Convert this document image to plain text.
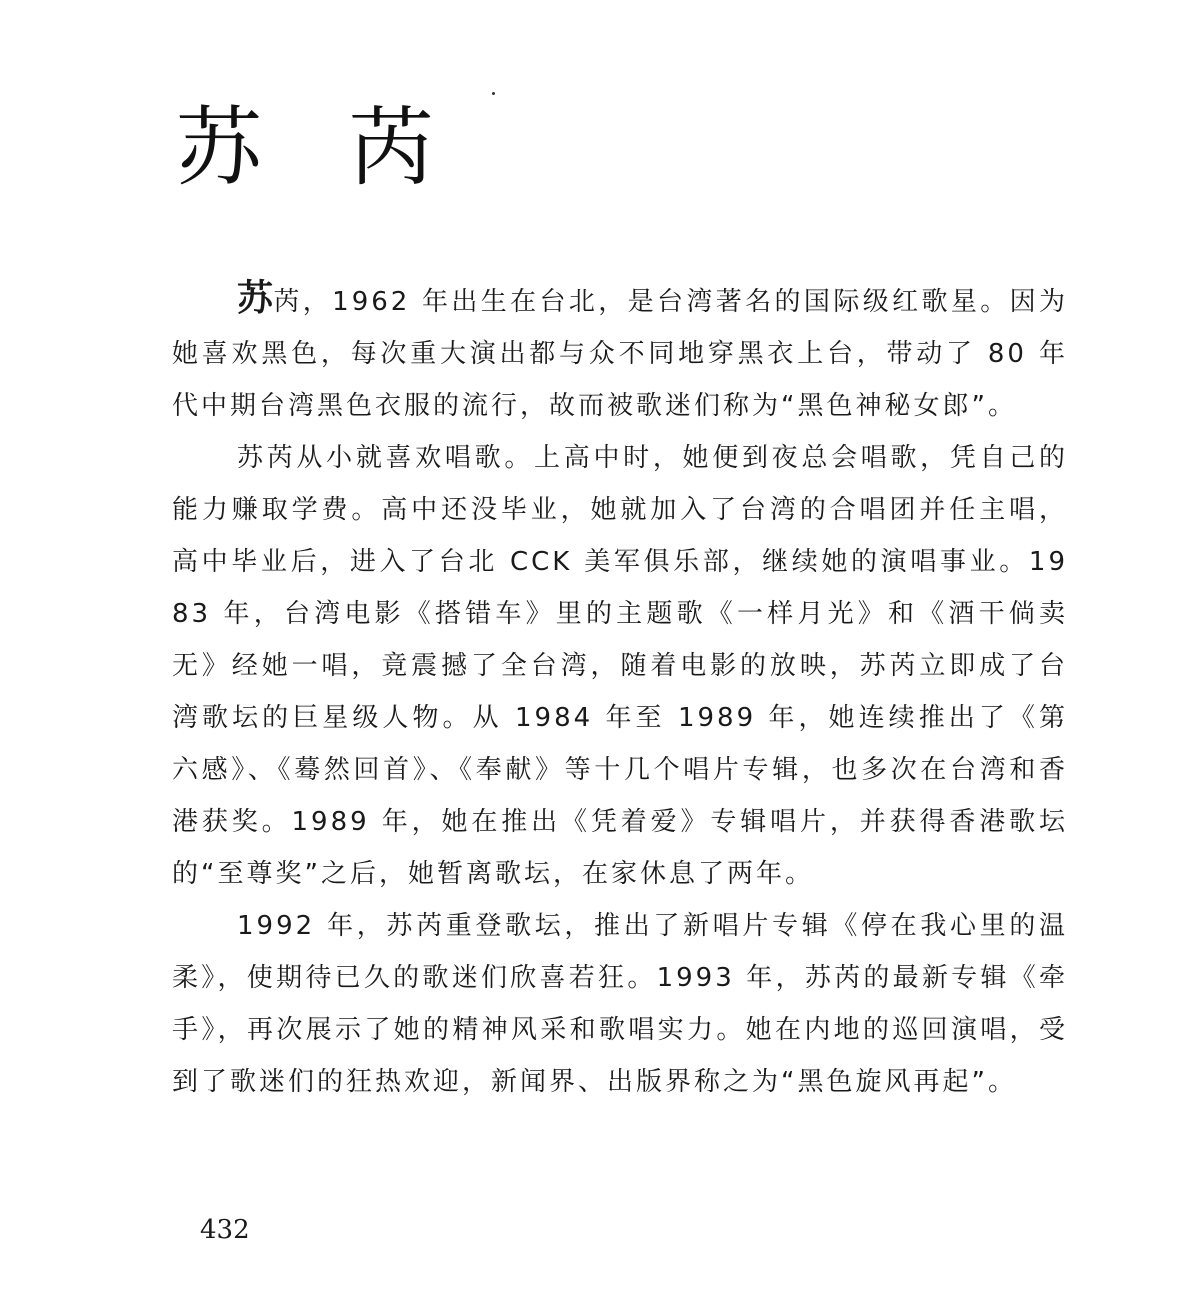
苏芮

苏芮，1962 年出生在台北，是台湾著名的国际级红歌星。因为她喜欢黑色，每次重大演出都与众不同地穿黑衣上台，带动了 80 年代中期台湾黑色衣服的流行，故而被歌迷们称为“黑色神秘女郎”。

苏芮从小就喜欢唱歌。上高中时，她便到夜总会唱歌，凭自己的能力赚取学费。高中还没毕业，她就加入了台湾的合唱团并任主唱，高中毕业后，进入了台北 CCK 美军俱乐部，继续她的演唱事业。1983 年，台湾电影《搭错车》里的主题歌《一样月光》和《酒干倘卖无》经她一唱，竟震撼了全台湾，随着电影的放映，苏芮立即成了台湾歌坛的巨星级人物。从 1984 年至 1989 年，她连续推出了《第六感》、《蓦然回首》、《奉献》等十几个唱片专辑，也多次在台湾和香港获奖。1989 年，她在推出《凭着爱》专辑唱片，并获得香港歌坛的“至尊奖”之后，她暂离歌坛，在家休息了两年。

1992 年，苏芮重登歌坛，推出了新唱片专辑《停在我心里的温柔》，使期待已久的歌迷们欣喜若狂。1993 年，苏芮的最新专辑《牵手》，再次展示了她的精神风采和歌唱实力。她在内地的巡回演唱，受到了歌迷们的狂热欢迎，新闻界、出版界称之为“黑色旋风再起”。

432
